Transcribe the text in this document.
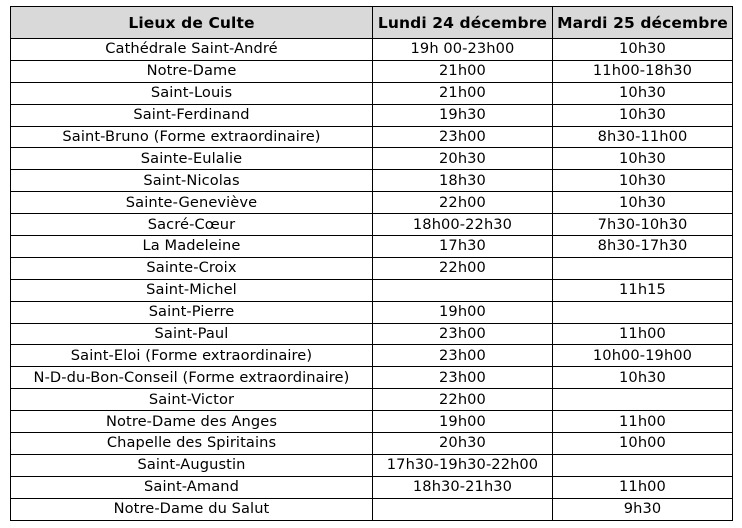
Lieux de Culte	Lundi 24 décembre	Mardi 25 décembre
Cathédrale Saint-André	19h 00-23h00	10h30
Notre-Dame	21h00	11h00-18h30
Saint-Louis	21h00	10h30
Saint-Ferdinand	19h30	10h30
Saint-Bruno (Forme extraordinaire)	23h00	8h30-11h00
Sainte-Eulalie	20h30	10h30
Saint-Nicolas	18h30	10h30
Sainte-Geneviève	22h00	10h30
Sacré-Cœur	18h00-22h30	7h30-10h30
La Madeleine	17h30	8h30-17h30
Sainte-Croix	22h00	
Saint-Michel		11h15
Saint-Pierre	19h00	
Saint-Paul	23h00	11h00
Saint-Eloi (Forme extraordinaire)	23h00	10h00-19h00
N-D-du-Bon-Conseil (Forme extraordinaire)	23h00	10h30
Saint-Victor	22h00	
Notre-Dame des Anges	19h00	11h00
Chapelle des Spiritains	20h30	10h00
Saint-Augustin	17h30-19h30-22h00	
Saint-Amand	18h30-21h30	11h00
Notre-Dame du Salut		9h30
